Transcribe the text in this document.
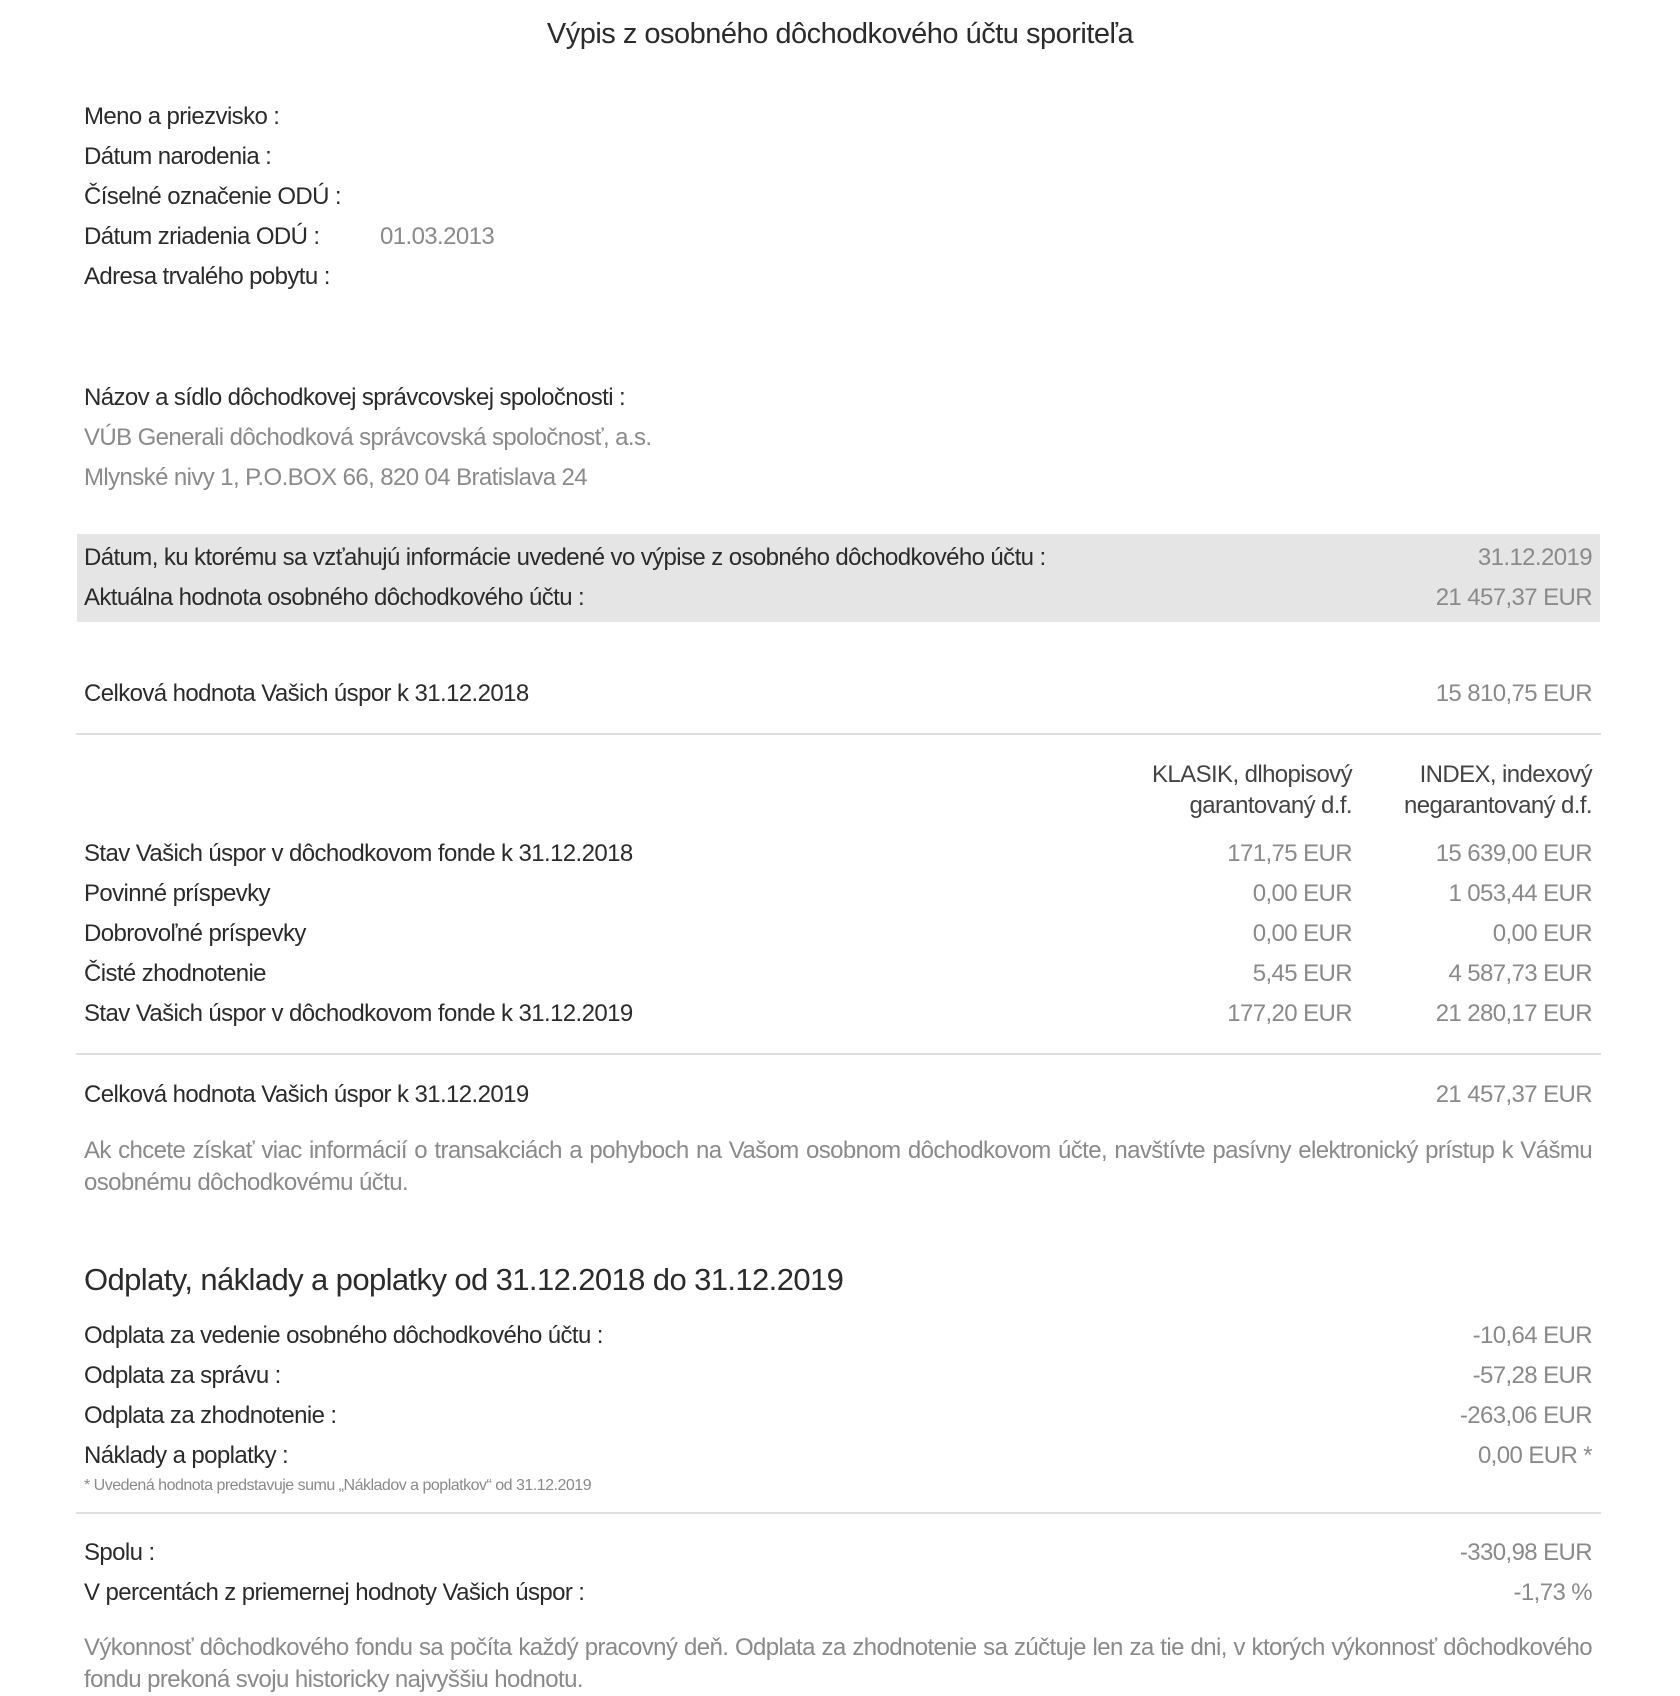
Výpis z osobného dôchodkového účtu sporiteľa
Meno a priezvisko :
Dátum narodenia :
Číselné označenie ODÚ :
Dátum zriadenia ODÚ :	01.03.2013
Adresa trvalého pobytu :
Názov a sídlo dôchodkovej správcovskej spoločnosti :
VÚB Generali dôchodková správcovská spoločnosť, a.s.
Mlynské nivy 1, P.O.BOX 66, 820 04 Bratislava 24
Dátum, ku ktorému sa vzťahujú informácie uvedené vo výpise z osobného dôchodkového účtu :	31.12.2019
Aktuálna hodnota osobného dôchodkového účtu :	21 457,37 EUR
Celková hodnota Vašich úspor k 31.12.2018	15 810,75 EUR
KLASIK, dlhopisový
garantovaný d.f.
INDEX, indexový
negarantovaný d.f.
Stav Vašich úspor v dôchodkovom fonde k 31.12.2018	171,75 EUR	15 639,00 EUR
Povinné príspevky	0,00 EUR	1 053,44 EUR
Dobrovoľné príspevky	0,00 EUR	0,00 EUR
Čisté zhodnotenie	5,45 EUR	4 587,73 EUR
Stav Vašich úspor v dôchodkovom fonde k 31.12.2019	177,20 EUR	21 280,17 EUR
Celková hodnota Vašich úspor k 31.12.2019	21 457,37 EUR
Ak chcete získať viac informácií o transakciách a pohyboch na Vašom osobnom dôchodkovom účte, navštívte pasívny elektronický prístup k Vášmu osobnému dôchodkovému účtu.
Odplaty, náklady a poplatky od 31.12.2018 do 31.12.2019
Odplata za vedenie osobného dôchodkového účtu :	-10,64 EUR
Odplata za správu :	-57,28 EUR
Odplata za zhodnotenie :	-263,06 EUR
Náklady a poplatky :	0,00 EUR *
* Uvedená hodnota predstavuje sumu „Nákladov a poplatkov“ od 31.12.2019
Spolu :	-330,98 EUR
V percentách z priemernej hodnoty Vašich úspor :	-1,73 %
Výkonnosť dôchodkového fondu sa počíta každý pracovný deň. Odplata za zhodnotenie sa zúčtuje len za tie dni, v ktorých výkonnosť dôchodkového fondu prekoná svoju historicky najvyššiu hodnotu.
